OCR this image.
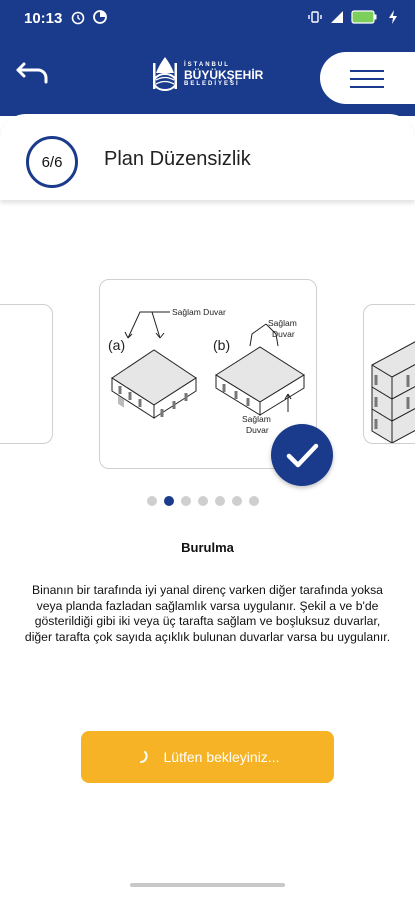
10:13
İSTANBUL
BÜYÜKŞEHİR
BELEDİYESİ
6/6	Plan Düzensizlik
(a)	(b)
Sağlam Duvar
Sağlam
Duvar
Sağlam
Duvar
Burulma
Binanın bir tarafında iyi yanal direnç varken diğer tarafında yoksa veya planda fazladan sağlamlık varsa uygulanır. Şekil a ve b'de gösterildiği gibi iki veya üç tarafta sağlam ve boşluksuz duvarlar, diğer tarafta çok sayıda açıklık bulunan duvarlar varsa bu uygulanır.
Lütfen bekleyiniz...
